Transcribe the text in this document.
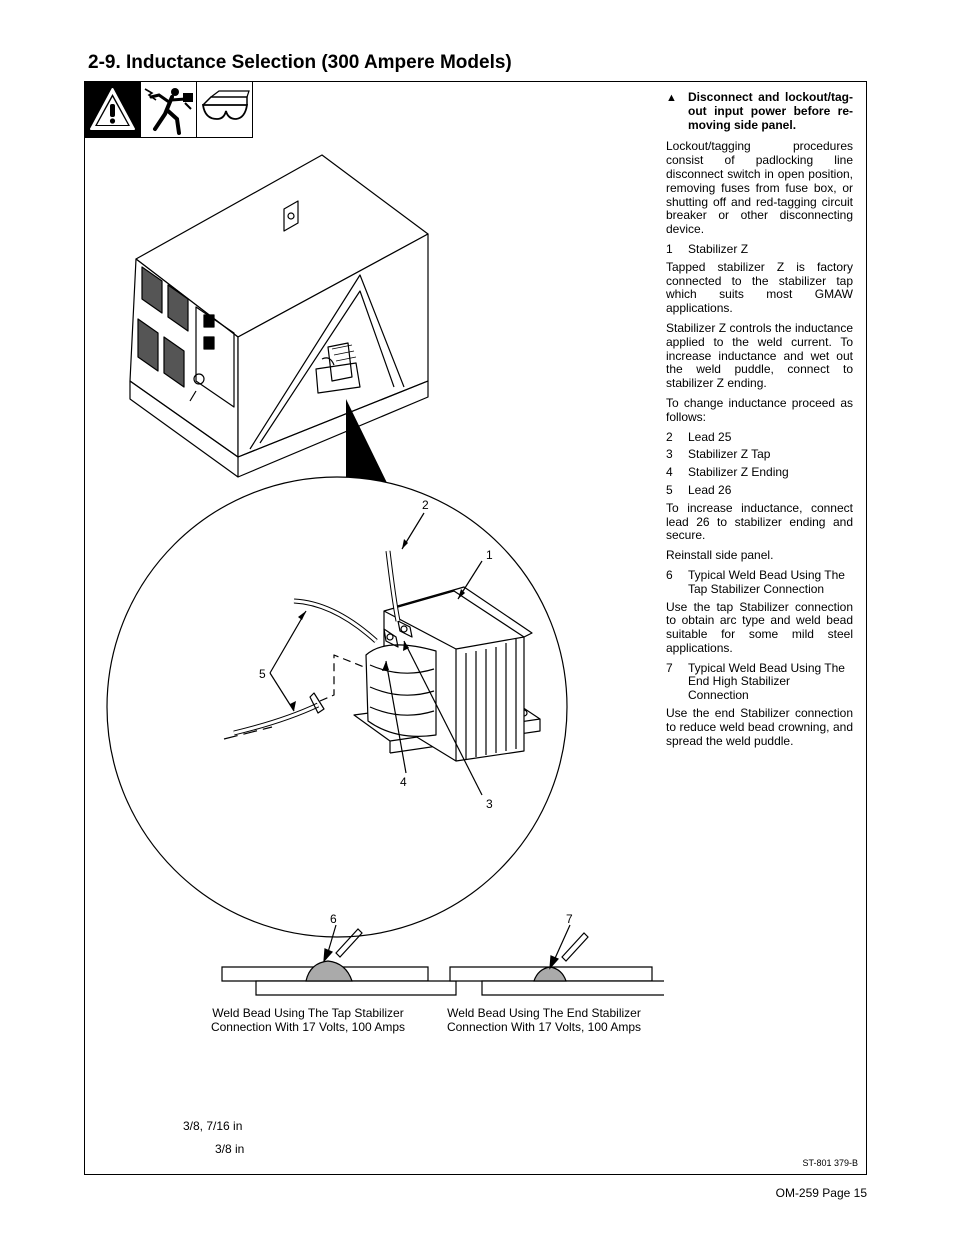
2-9. Inductance Selection (300 Ampere Models)
▲ Disconnect and lockout/tag-out input power before re-moving side panel.

Lockout/tagging procedures consist of padlocking line disconnect switch in open position, removing fuses from fuse box, or shutting off and red-tagging circuit breaker or other disconnecting device.

1	Stabilizer Z

Tapped stabilizer Z is factory connected to the stabilizer tap which suits most GMAW applications.

Stabilizer Z controls the inductance applied to the weld current. To increase inductance and wet out the weld puddle, connect to stabilizer Z ending.

To change inductance proceed as follows:

2	Lead 25
3	Stabilizer Z Tap
4	Stabilizer Z Ending
5	Lead 26

To increase inductance, connect lead 26 to stabilizer ending and secure.

Reinstall side panel.

6	Typical Weld Bead Using The Tap Stabilizer Connection

Use the tap Stabilizer connection to obtain arc type and weld bead suitable for some mild steel applications.

7	Typical Weld Bead Using The End High Stabilizer Connection

Use the end Stabilizer connection to reduce weld bead crowning, and spread the weld puddle.

1
2
3
4
5
6	7
Weld Bead Using The Tap Stabilizer
Connection With 17 Volts, 100 Amps
Weld Bead Using The End Stabilizer
Connection With 17 Volts, 100 Amps
3/8, 7/16 in
3/8 in
ST-801 379-B
OM-259 Page 15
